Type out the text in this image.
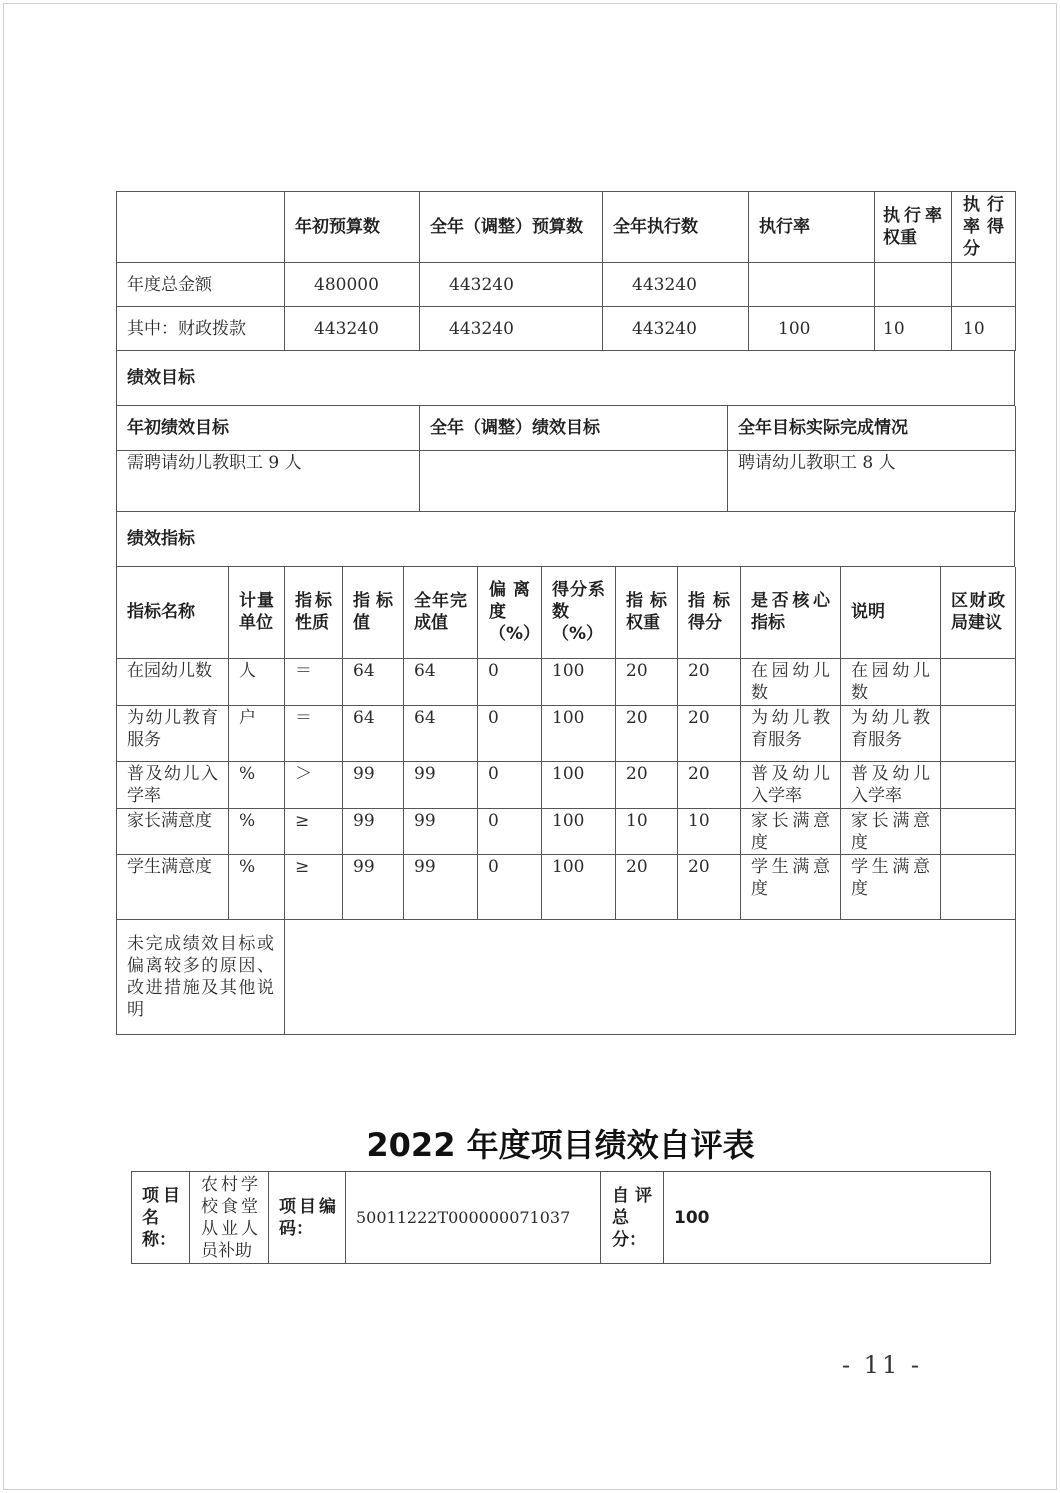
	年初预算数	全年（调整）预算数	全年执行数	执行率	执行率权重	执行率得分
年度总金额	480000	443240	443240			
其中：财政拨款	443240	443240	443240	100	10	10
绩效目标
年初绩效目标	全年（调整）绩效目标	全年目标实际完成情况
需聘请幼儿教职工 9 人		聘请幼儿教职工 8 人
绩效指标
指标名称	计量单位	指标性质	指标值	全年完成值	偏离度（%）	得分系数（%）	指标权重	指标得分	是否核心指标	说明	区财政局建议
在园幼儿数	人	＝	64	64	0	100	20	20	在园幼儿数	在园幼儿数	
为幼儿教育服务	户	＝	64	64	0	100	20	20	为幼儿教育服务	为幼儿教育服务	
普及幼儿入学率	%	＞	99	99	0	100	20	20	普及幼儿入学率	普及幼儿入学率	
家长满意度	%	≥	99	99	0	100	10	10	家长满意度	家长满意度	
学生满意度	%	≥	99	99	0	100	20	20	学生满意度	学生满意度	
未完成绩效目标或偏离较多的原因、改进措施及其他说明											
2022 年度项目绩效自评表
项目名称：	农村学校食堂从业人员补助	项目编码：	50011222T000000071037	自评总分：	100
- 11 -
